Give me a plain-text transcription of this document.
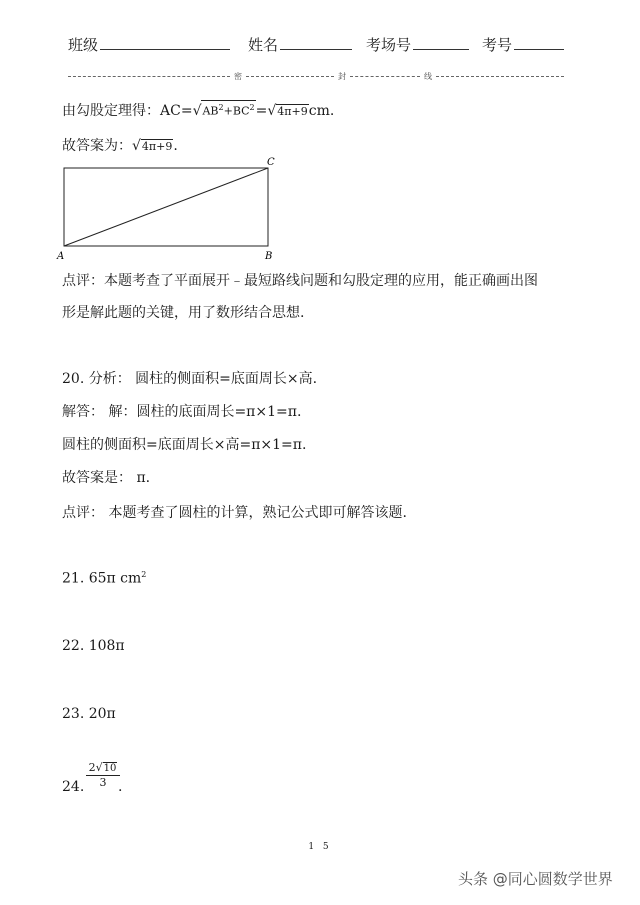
班级	姓名	考场号	考号
密	封	线
由勾股定理得：$AC=√AB^2+BC^2=√4\pi+9cm$.
故答案为：√4π+9.
A	B
C
点评：本题考查了平面展开﹣最短路线问题和勾股定理的应用，能正确画出图
形是解此题的关键，用了数形结合思想.
20. 分析： 圆柱的侧面积=底面周长×高.
解答： 解：圆柱的底面周长=π×1=π.
圆柱的侧面积=底面周长×高=π×1=π.
故答案是： π.
点评： 本题考查了圆柱的计算，熟记公式即可解答该题.
21. 65π $cm^2$
22. 108π
23. 20π
24. $\frac{2√10}{3}$
.
1 5
头条 @同心圆数学世界
